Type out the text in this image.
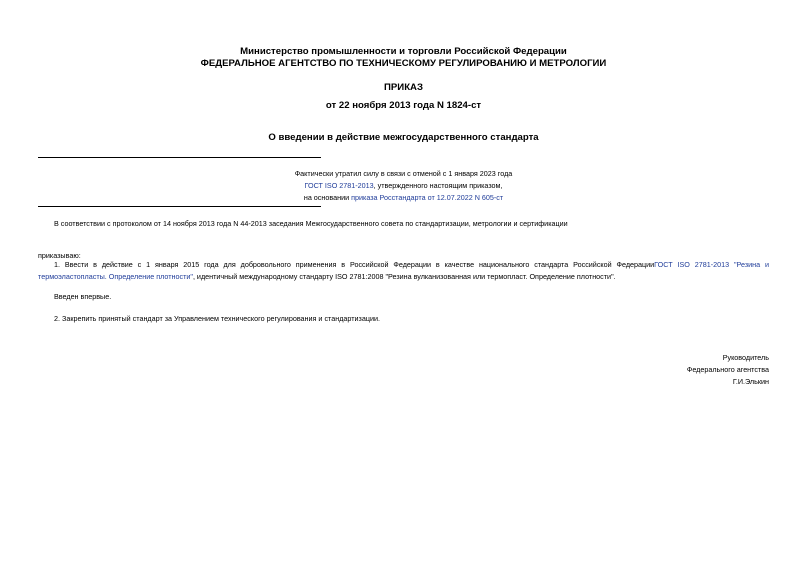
Министерство промышленности и торговли Российской Федерации
ФЕДЕРАЛЬНОЕ АГЕНТСТВО ПО ТЕХНИЧЕСКОМУ РЕГУЛИРОВАНИЮ И МЕТРОЛОГИИ
ПРИКАЗ
от 22 ноября 2013 года N 1824-ст
О введении в действие межгосударственного стандарта
Фактически утратил силу в связи с отменой с 1 января 2023 года
ГОСТ ISO 2781-2013, утвержденного настоящим приказом,
на основании приказа Росстандарта от 12.07.2022 N 605-ст
В соответствии с протоколом от 14 ноября 2013 года N 44-2013 заседания Межгосударственного совета по стандартизации, метрологии и сертификации
приказываю:
1. Ввести в действие с 1 января 2015 года для добровольного применения в Российской Федерации в качестве национального стандарта Российской ФедерацииГОСТ ISO 2781-2013 "Резина и
термоэластопласты. Определение плотности", идентичный международному стандарту ISO 2781:2008 "Резина вулканизованная или термопласт. Определение плотности".
Введен впервые.
2. Закрепить принятый стандарт за Управлением технического регулирования и стандартизации.
Руководитель
Федерального агентства
Г.И.Элькин
